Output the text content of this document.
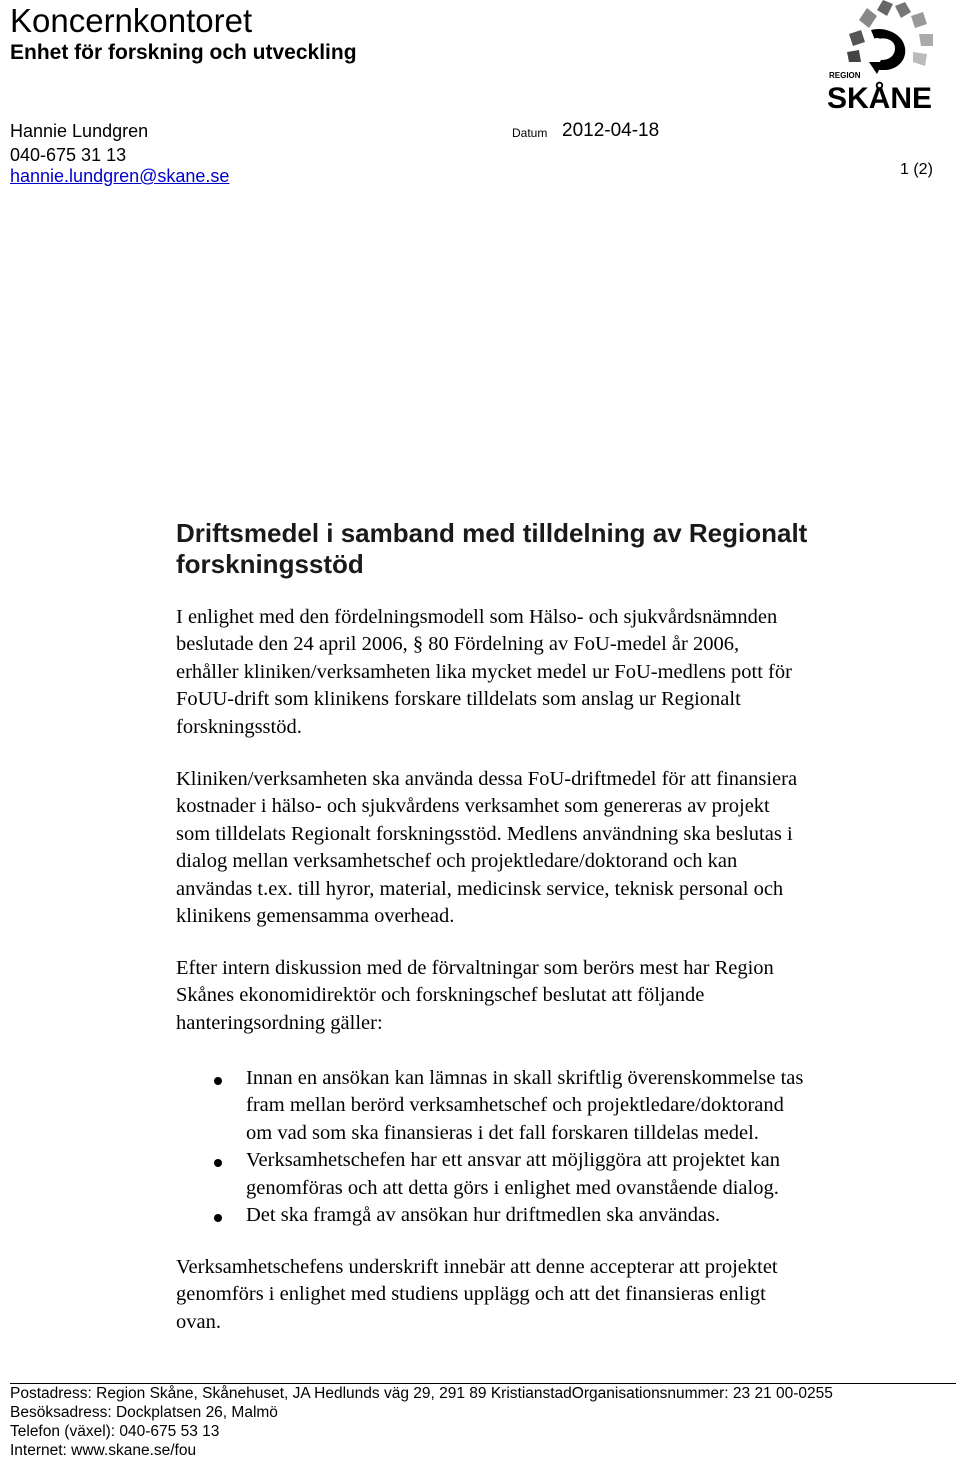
Koncernkontoret
Enhet för forskning och utveckling
Hannie Lundgren
040-675 31 13
hannie.lundgren@skane.se
Datum 2012-04-18
1 (2)
REGION
SKÅNE
Driftsmedel i samband med tilldelning av Regionalt
forskningsstöd
I enlighet med den fördelningsmodell som Hälso- och sjukvårdsnämnden
beslutade den 24 april 2006, § 80 Fördelning av FoU-medel år 2006,
erhåller kliniken/verksamheten lika mycket medel ur FoU-medlens pott för
FoUU-drift som klinikens forskare tilldelats som anslag ur Regionalt
forskningsstöd.
Kliniken/verksamheten ska använda dessa FoU-driftmedel för att finansiera
kostnader i hälso- och sjukvårdens verksamhet som genereras av projekt
som tilldelats Regionalt forskningsstöd. Medlens användning ska beslutas i
dialog mellan verksamhetschef och projektledare/doktorand och kan
användas t.ex. till hyror, material, medicinsk service, teknisk personal och
klinikens gemensamma overhead.
Efter intern diskussion med de förvaltningar som berörs mest har Region
Skånes ekonomidirektör och forskningschef beslutat att följande
hanteringsordning gäller:
Innan en ansökan kan lämnas in skall skriftlig överenskommelse tas
fram mellan berörd verksamhetschef och projektledare/doktorand
om vad som ska finansieras i det fall forskaren tilldelas medel.
Verksamhetschefen har ett ansvar att möjliggöra att projektet kan
genomföras och att detta görs i enlighet med ovanstående dialog.
Det ska framgå av ansökan hur driftmedlen ska användas.
Verksamhetschefens underskrift innebär att denne accepterar att projektet
genomförs i enlighet med studiens upplägg och att det finansieras enligt
ovan.
Postadress: Region Skåne, Skånehuset, JA Hedlunds väg 29, 291 89 KristianstadOrganisationsnummer: 23 21 00-0255
Besöksadress: Dockplatsen 26, Malmö
Telefon (växel): 040-675 53 13
Internet: www.skane.se/fou
